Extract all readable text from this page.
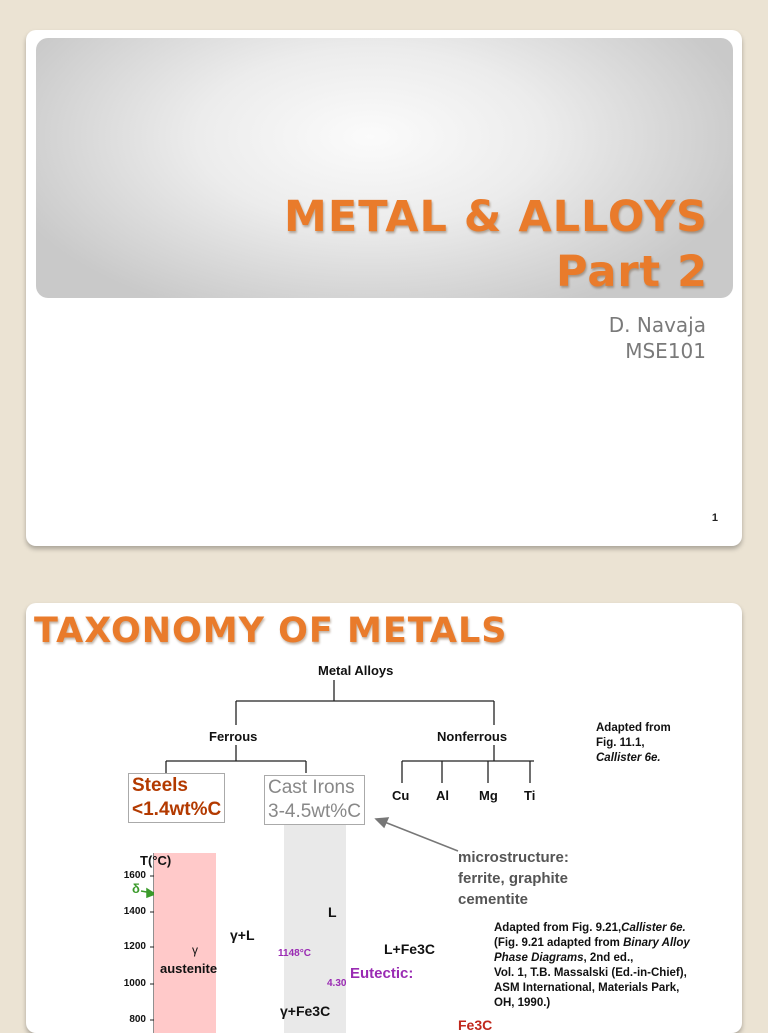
METAL & ALLOYS
Part 2
D. Navaja
MSE101
1
TAXONOMY OF METALS
Metal Alloys
Ferrous	Nonferrous
Cu Al Mg Ti
Adapted from
Fig. 11.1,
Callister 6e.
Steels
<1.4wt%C
Cast Irons
3-4.5wt%C
microstructure:
ferrite, graphite
cementite
T(°C)
1600
1400
1200
1000
800
δ
γ+L
γ
austenite
L
L+Fe3C
1148°C
Eutectic:
4.30
γ+Fe3C
Fe3C
Adapted from Fig. 9.21,Callister 6e.
(Fig. 9.21 adapted from Binary Alloy
Phase Diagrams, 2nd ed.,
Vol. 1, T.B. Massalski (Ed.-in-Chief),
ASM International, Materials Park,
OH, 1990.)
